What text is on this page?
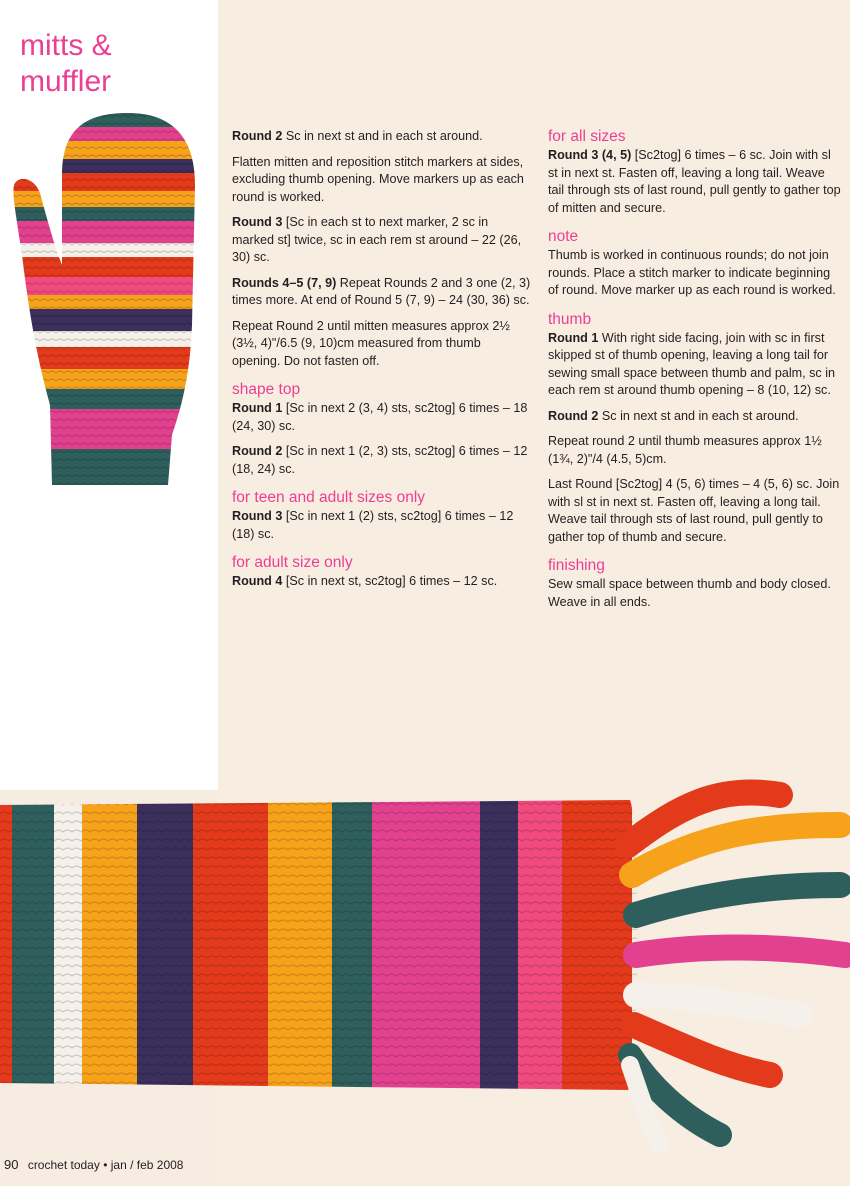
mitts &
muffler

Round 2 Sc in next st and in each st around.

Flatten mitten and reposition stitch markers at sides, excluding thumb opening. Move markers up as each round is worked.

Round 3 [Sc in each st to next marker, 2 sc in marked st] twice, sc in each rem st around – 22 (26, 30) sc.

Rounds 4–5 (7, 9) Repeat Rounds 2 and 3 one (2, 3) times more. At end of Round 5 (7, 9) – 24 (30, 36) sc.

Repeat Round 2 until mitten measures approx 2½ (3½, 4)"/6.5 (9, 10)cm measured from thumb opening. Do not fasten off.

shape top

Round 1 [Sc in next 2 (3, 4) sts, sc2tog] 6 times – 18 (24, 30) sc.

Round 2 [Sc in next 1 (2, 3) sts, sc2tog] 6 times – 12 (18, 24) sc.

for teen and adult sizes only

Round 3 [Sc in next 1 (2) sts, sc2tog] 6 times – 12 (18) sc.

for adult size only

Round 4 [Sc in next st, sc2tog] 6 times – 12 sc.

for all sizes

Round 3 (4, 5) [Sc2tog] 6 times – 6 sc. Join with sl st in next st. Fasten off, leaving a long tail. Weave tail through sts of last round, pull gently to gather top of mitten and secure.

note

Thumb is worked in continuous rounds; do not join rounds. Place a stitch marker to indicate beginning of round. Move marker up as each round is worked.

thumb

Round 1 With right side facing, join with sc in first skipped st of thumb opening, leaving a long tail for sewing small space between thumb and palm, sc in each rem st around thumb opening – 8 (10, 12) sc.

Round 2 Sc in next st and in each st around.

Repeat round 2 until thumb measures approx 1½ (1¾, 2)"/4 (4.5, 5)cm.

Last Round [Sc2tog] 4 (5, 6) times – 4 (5, 6) sc. Join with sl st in next st. Fasten off, leaving a long tail. Weave tail through sts of last round, pull gently to gather top of thumb and secure.

finishing

Sew small space between thumb and body closed. Weave in all ends.

90 crochet today • jan / feb 2008
